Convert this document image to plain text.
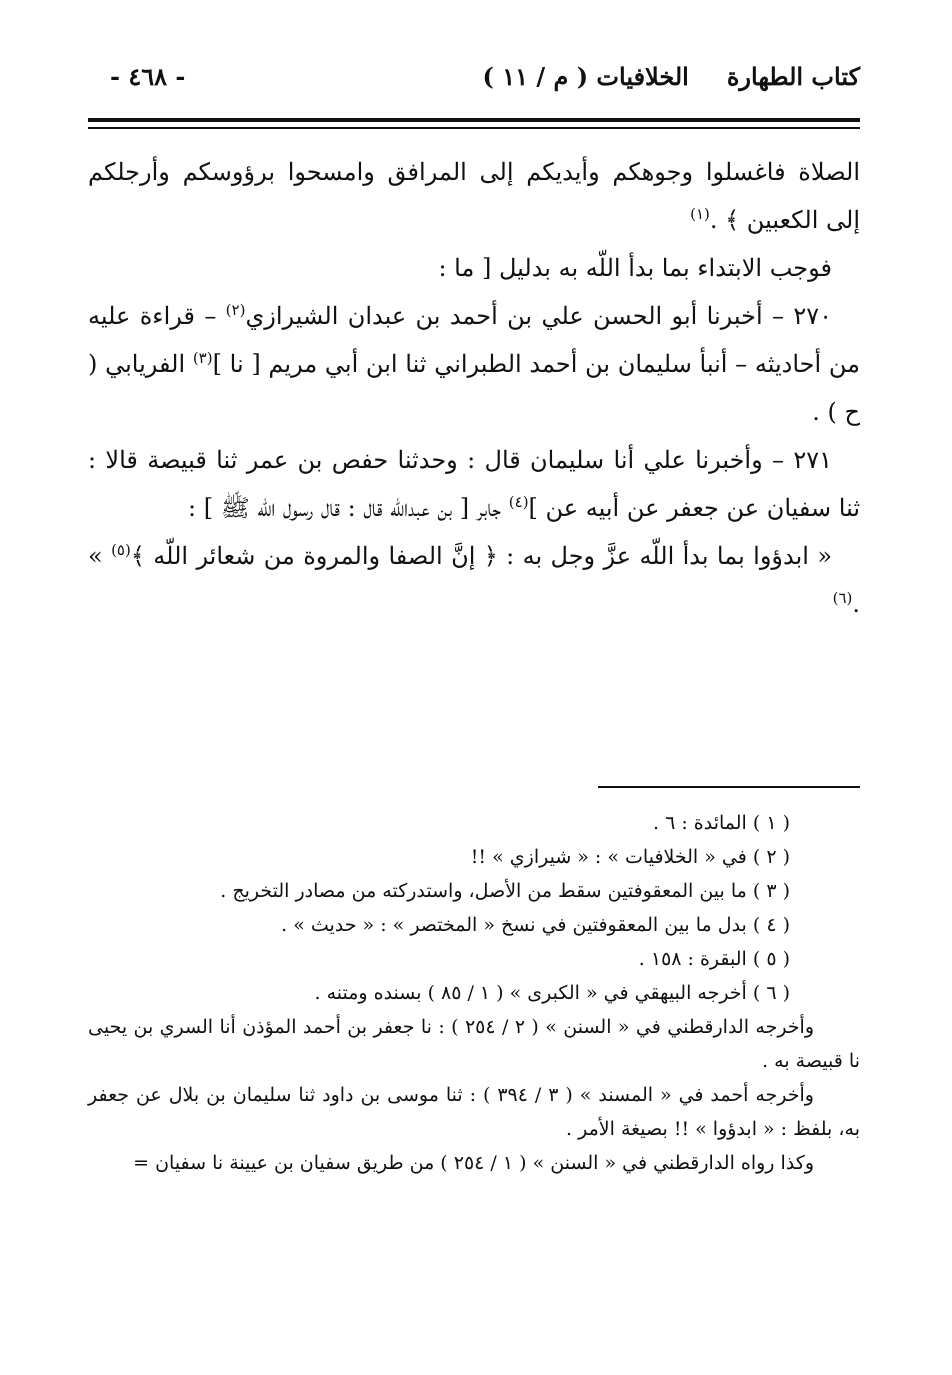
كتاب الطهارة
الخلافيات ( م / ١١ )
- ٤٦٨ -

الصلاة فاغسلوا وجوهكم وأيديكم إلى المرافق وامسحوا برؤوسكم وأرجلكم إلى الكعبين ﴾ .$^{(١)}$

فوجب الابتداء بما بدأ اللّه به بدليل [ ما :

٢٧٠ – أخبرنا أبو الحسن علي بن أحمد بن عبدان الشيرازي$^{(٢)}$ – قراءة عليه من أحاديثه – أنبأ سليمان بن أحمد الطبراني ثنا ابن أبي مريم [ نا ]$^{(٣)}$ الفريابي ( ح ) .

٢٧١ – وأخبرنا علي أنا سليمان قال : وحدثنا حفص بن عمر ثنا قبيصة قالا : ثنا سفيان عن جعفر عن أبيه عن ]$^{(٤)}$ جابر [ بن عبداللّه قال : قال رسول اللّه ﷺ ] :

« ابدؤوا بما بدأ اللّه عزَّ وجل به : ﴿ إنَّ الصفا والمروة من شعائر اللّه ﴾$^{(٥)}$ » .$^{(٦)}$

( ١ ) المائدة : ٦ .

( ٢ ) في « الخلافيات » : « شيرازي » !!

( ٣ ) ما بين المعقوفتين سقط من الأصل، واستدركته من مصادر التخريج .

( ٤ ) بدل ما بين المعقوفتين في نسخ « المختصر » : « حديث » .

( ٥ ) البقرة : ١٥٨ .

( ٦ ) أخرجه البيهقي في « الكبرى » ( ١ / ٨٥ ) بسنده ومتنه .

وأخرجه الدارقطني في « السنن » ( ٢ / ٢٥٤ ) : نا جعفر بن أحمد المؤذن أنا السري بن يحيى نا قبيصة به .

وأخرجه أحمد في « المسند » ( ٣ / ٣٩٤ ) : ثنا موسى بن داود ثنا سليمان بن بلال عن جعفر به، بلفظ : « ابدؤوا » !! بصيغة الأمر .

وكذا رواه الدارقطني في « السنن » ( ١ / ٢٥٤ ) من طريق سفيان بن عيينة نا سفيان =
